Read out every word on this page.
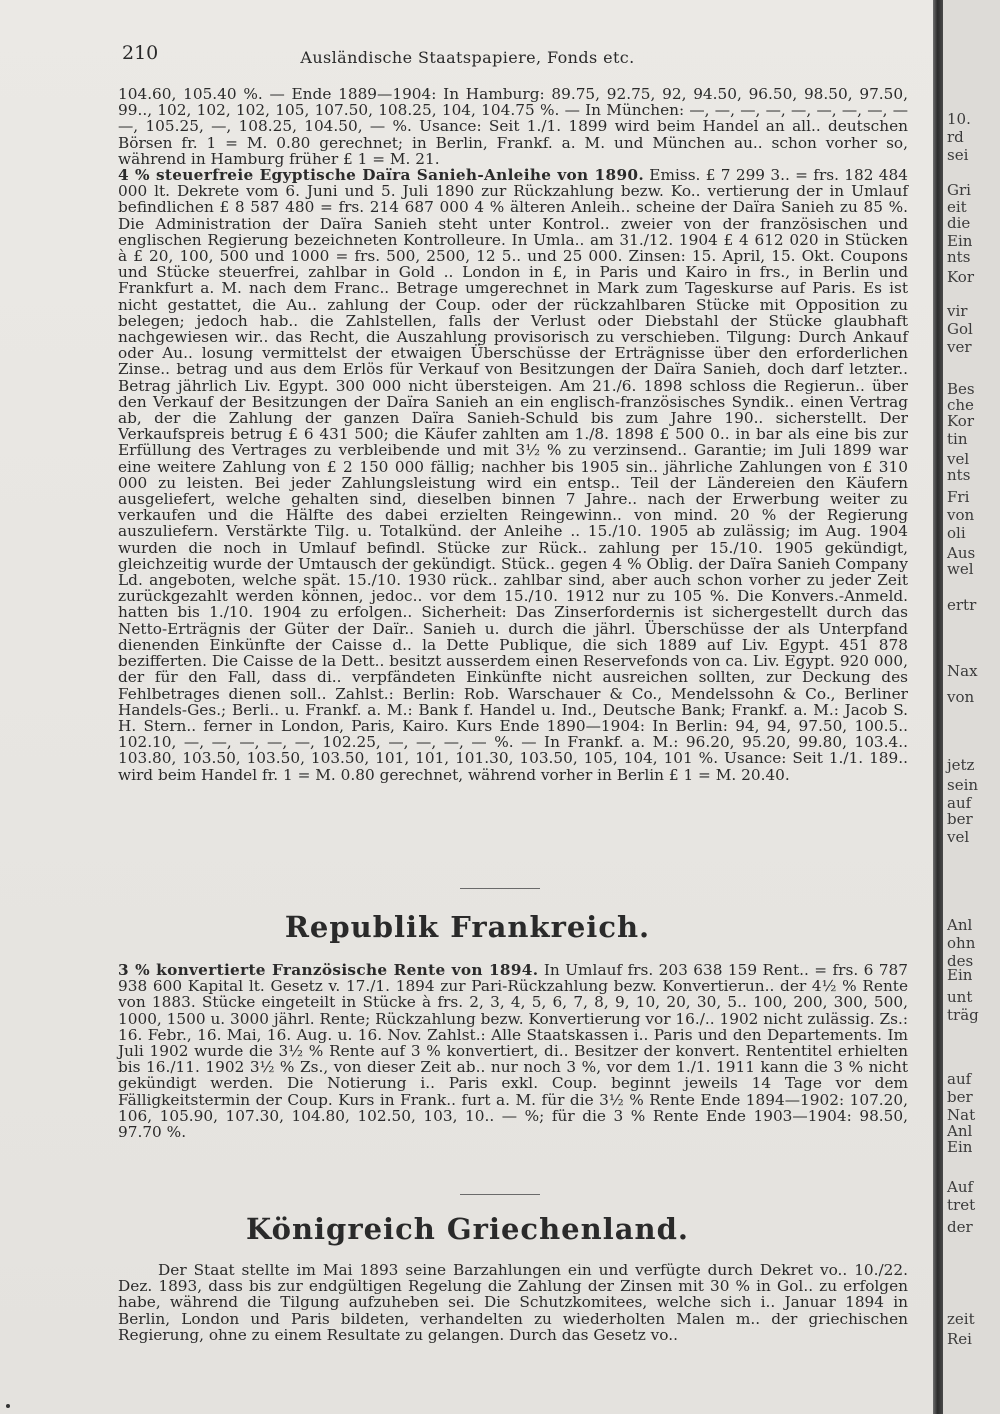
210	Ausländische Staatspapiere, Fonds etc.

104.60, 105.40 %. — Ende 1889—1904: In Hamburg: 89.75, 92.75, 92, 94.50, 96.50, 98.50, 97.50, 99.., 102, 102, 102, 105, 107.50, 108.25, 104, 104.75 %. — In München: —, —, —, —, —, —, —, —, — —, 105.25, —, 108.25, 104.50, — %. Usance: Seit 1./1. 1899 wird beim Handel an all.. deutschen Börsen fr. 1 = M. 0.80 gerechnet; in Berlin, Frankf. a. M. und München au.. schon vorher so, während in Hamburg früher £ 1 = M. 21.

4 % steuerfreie Egyptische Daïra Sanieh-Anleihe von 1890. Emiss. £ 7 299 3.. = frs. 182 484 000 lt. Dekrete vom 6. Juni und 5. Juli 1890 zur Rückzahlung bezw. Ko.. vertierung der in Umlauf befindlichen £ 8 587 480 = frs. 214 687 000 4 % älteren Anleih.. scheine der Daïra Sanieh zu 85 %. Die Administration der Daïra Sanieh steht unter Kontrol.. zweier von der französischen und englischen Regierung bezeichneten Kontrolleure. In Umla.. am 31./12. 1904 £ 4 612 020 in Stücken à £ 20, 100, 500 und 1000 = frs. 500, 2500, 12 5.. und 25 000. Zinsen: 15. April, 15. Okt. Coupons und Stücke steuerfrei, zahlbar in Gold .. London in £, in Paris und Kairo in frs., in Berlin und Frankfurt a. M. nach dem Franc.. Betrage umgerechnet in Mark zum Tageskurse auf Paris. Es ist nicht gestattet, die Au.. zahlung der Coup. oder der rückzahlbaren Stücke mit Opposition zu belegen; jedoch hab.. die Zahlstellen, falls der Verlust oder Diebstahl der Stücke glaubhaft nachgewiesen wir.. das Recht, die Auszahlung provisorisch zu verschieben. Tilgung: Durch Ankauf oder Au.. losung vermittelst der etwaigen Überschüsse der Erträgnisse über den erforderlichen Zinse.. betrag und aus dem Erlös für Verkauf von Besitzungen der Daïra Sanieh, doch darf letzter.. Betrag jährlich Liv. Egypt. 300 000 nicht übersteigen. Am 21./6. 1898 schloss die Regierun.. über den Verkauf der Besitzungen der Daïra Sanieh an ein englisch-französisches Syndik.. einen Vertrag ab, der die Zahlung der ganzen Daïra Sanieh-Schuld bis zum Jahre 190.. sicherstellt. Der Verkaufspreis betrug £ 6 431 500; die Käufer zahlten am 1./8. 1898 £ 500 0.. in bar als eine bis zur Erfüllung des Vertrages zu verbleibende und mit 3½ % zu verzinsend.. Garantie; im Juli 1899 war eine weitere Zahlung von £ 2 150 000 fällig; nachher bis 1905 sin.. jährliche Zahlungen von £ 310 000 zu leisten. Bei jeder Zahlungsleistung wird ein entsp.. Teil der Ländereien den Käufern ausgeliefert, welche gehalten sind, dieselben binnen 7 Jahre.. nach der Erwerbung weiter zu verkaufen und die Hälfte des dabei erzielten Reingewinn.. von mind. 20 % der Regierung auszuliefern. Verstärkte Tilg. u. Totalkünd. der Anleihe .. 15./10. 1905 ab zulässig; im Aug. 1904 wurden die noch in Umlauf befindl. Stücke zur Rück.. zahlung per 15./10. 1905 gekündigt, gleichzeitig wurde der Umtausch der gekündigt. Stück.. gegen 4 % Oblig. der Daïra Sanieh Company Ld. angeboten, welche spät. 15./10. 1930 rück.. zahlbar sind, aber auch schon vorher zu jeder Zeit zurückgezahlt werden können, jedoc.. vor dem 15./10. 1912 nur zu 105 %. Die Konvers.-Anmeld. hatten bis 1./10. 1904 zu erfolgen.. Sicherheit: Das Zinserfordernis ist sichergestellt durch das Netto-Erträgnis der Güter der Daïr.. Sanieh u. durch die jährl. Überschüsse der als Unterpfand dienenden Einkünfte der Caisse d.. la Dette Publique, die sich 1889 auf Liv. Egypt. 451 878 bezifferten. Die Caisse de la Dett.. besitzt ausserdem einen Reservefonds von ca. Liv. Egypt. 920 000, der für den Fall, dass di.. verpfändeten Einkünfte nicht ausreichen sollten, zur Deckung des Fehlbetrages dienen soll.. Zahlst.: Berlin: Rob. Warschauer & Co., Mendelssohn & Co., Berliner Handels-Ges.; Berli.. u. Frankf. a. M.: Bank f. Handel u. Ind., Deutsche Bank; Frankf. a. M.: Jacob S. H. Stern.. ferner in London, Paris, Kairo. Kurs Ende 1890—1904: In Berlin: 94, 94, 97.50, 100.5.. 102.10, —, —, —, —, —, 102.25, —, —, —, — %. — In Frankf. a. M.: 96.20, 95.20, 99.80, 103.4.. 103.80, 103.50, 103.50, 103.50, 101, 101, 101.30, 103.50, 105, 104, 101 %. Usance: Seit 1./1. 189.. wird beim Handel fr. 1 = M. 0.80 gerechnet, während vorher in Berlin £ 1 = M. 20.40.

Republik Frankreich.

3 % konvertierte Französische Rente von 1894. In Umlauf frs. 203 638 159 Rent.. = frs. 6 787 938 600 Kapital lt. Gesetz v. 17./1. 1894 zur Pari-Rückzahlung bezw. Konvertierun.. der 4½ % Rente von 1883. Stücke eingeteilt in Stücke à frs. 2, 3, 4, 5, 6, 7, 8, 9, 10, 20, 30, 5.. 100, 200, 300, 500, 1000, 1500 u. 3000 jährl. Rente; Rückzahlung bezw. Konvertierung vor 16./.. 1902 nicht zulässig. Zs.: 16. Febr., 16. Mai, 16. Aug. u. 16. Nov. Zahlst.: Alle Staatskassen i.. Paris und den Departements. Im Juli 1902 wurde die 3½ % Rente auf 3 % konvertiert, di.. Besitzer der konvert. Rententitel erhielten bis 16./11. 1902 3½ % Zs., von dieser Zeit ab.. nur noch 3 %, vor dem 1./1. 1911 kann die 3 % nicht gekündigt werden. Die Notierung i.. Paris exkl. Coup. beginnt jeweils 14 Tage vor dem Fälligkeitstermin der Coup. Kurs in Frank.. furt a. M. für die 3½ % Rente Ende 1894—1902: 107.20, 106, 105.90, 107.30, 104.80, 102.50, 103, 10.. — %; für die 3 % Rente Ende 1903—1904: 98.50, 97.70 %.

Königreich Griechenland.

Der Staat stellte im Mai 1893 seine Barzahlungen ein und verfügte durch Dekret vo.. 10./22. Dez. 1893, dass bis zur endgültigen Regelung die Zahlung der Zinsen mit 30 % in Gol.. zu erfolgen habe, während die Tilgung aufzuheben sei. Die Schutzkomitees, welche sich i.. Januar 1894 in Berlin, London und Paris bildeten, verhandelten zu wiederholten Malen m.. der griechischen Regierung, ohne zu einem Resultate zu gelangen. Durch das Gesetz vo..

10.
rd
sei
Gri
eit
die
Ein
nts
Kor
vir
Gol
ver
Bes
che
Kor
tin
vel
nts
Fri
von
oli
Aus
wel
ertr
Nax
von
jetz
sein
auf
ber
vel
Anl
ohn
des
Ein
unt
träg
auf
ber
Nat
Anl
Ein
Auf
tret
der
zeit
Rei
